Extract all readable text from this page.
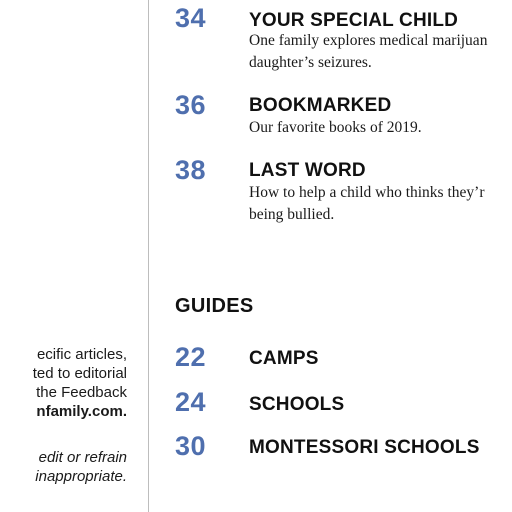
ecific articles,
ted to editorial
the Feedback
nfamily.com.
edit or refrain
inappropriate.
34 YOUR SPECIAL CHILD
One family explores medical marijuan
daughter’s seizures.
36 BOOKMARKED
Our favorite books of 2019.
38 LAST WORD
How to help a child who thinks they’r
being bullied.
GUIDES
22 CAMPS
24 SCHOOLS
30 MONTESSORI SCHOOLS
